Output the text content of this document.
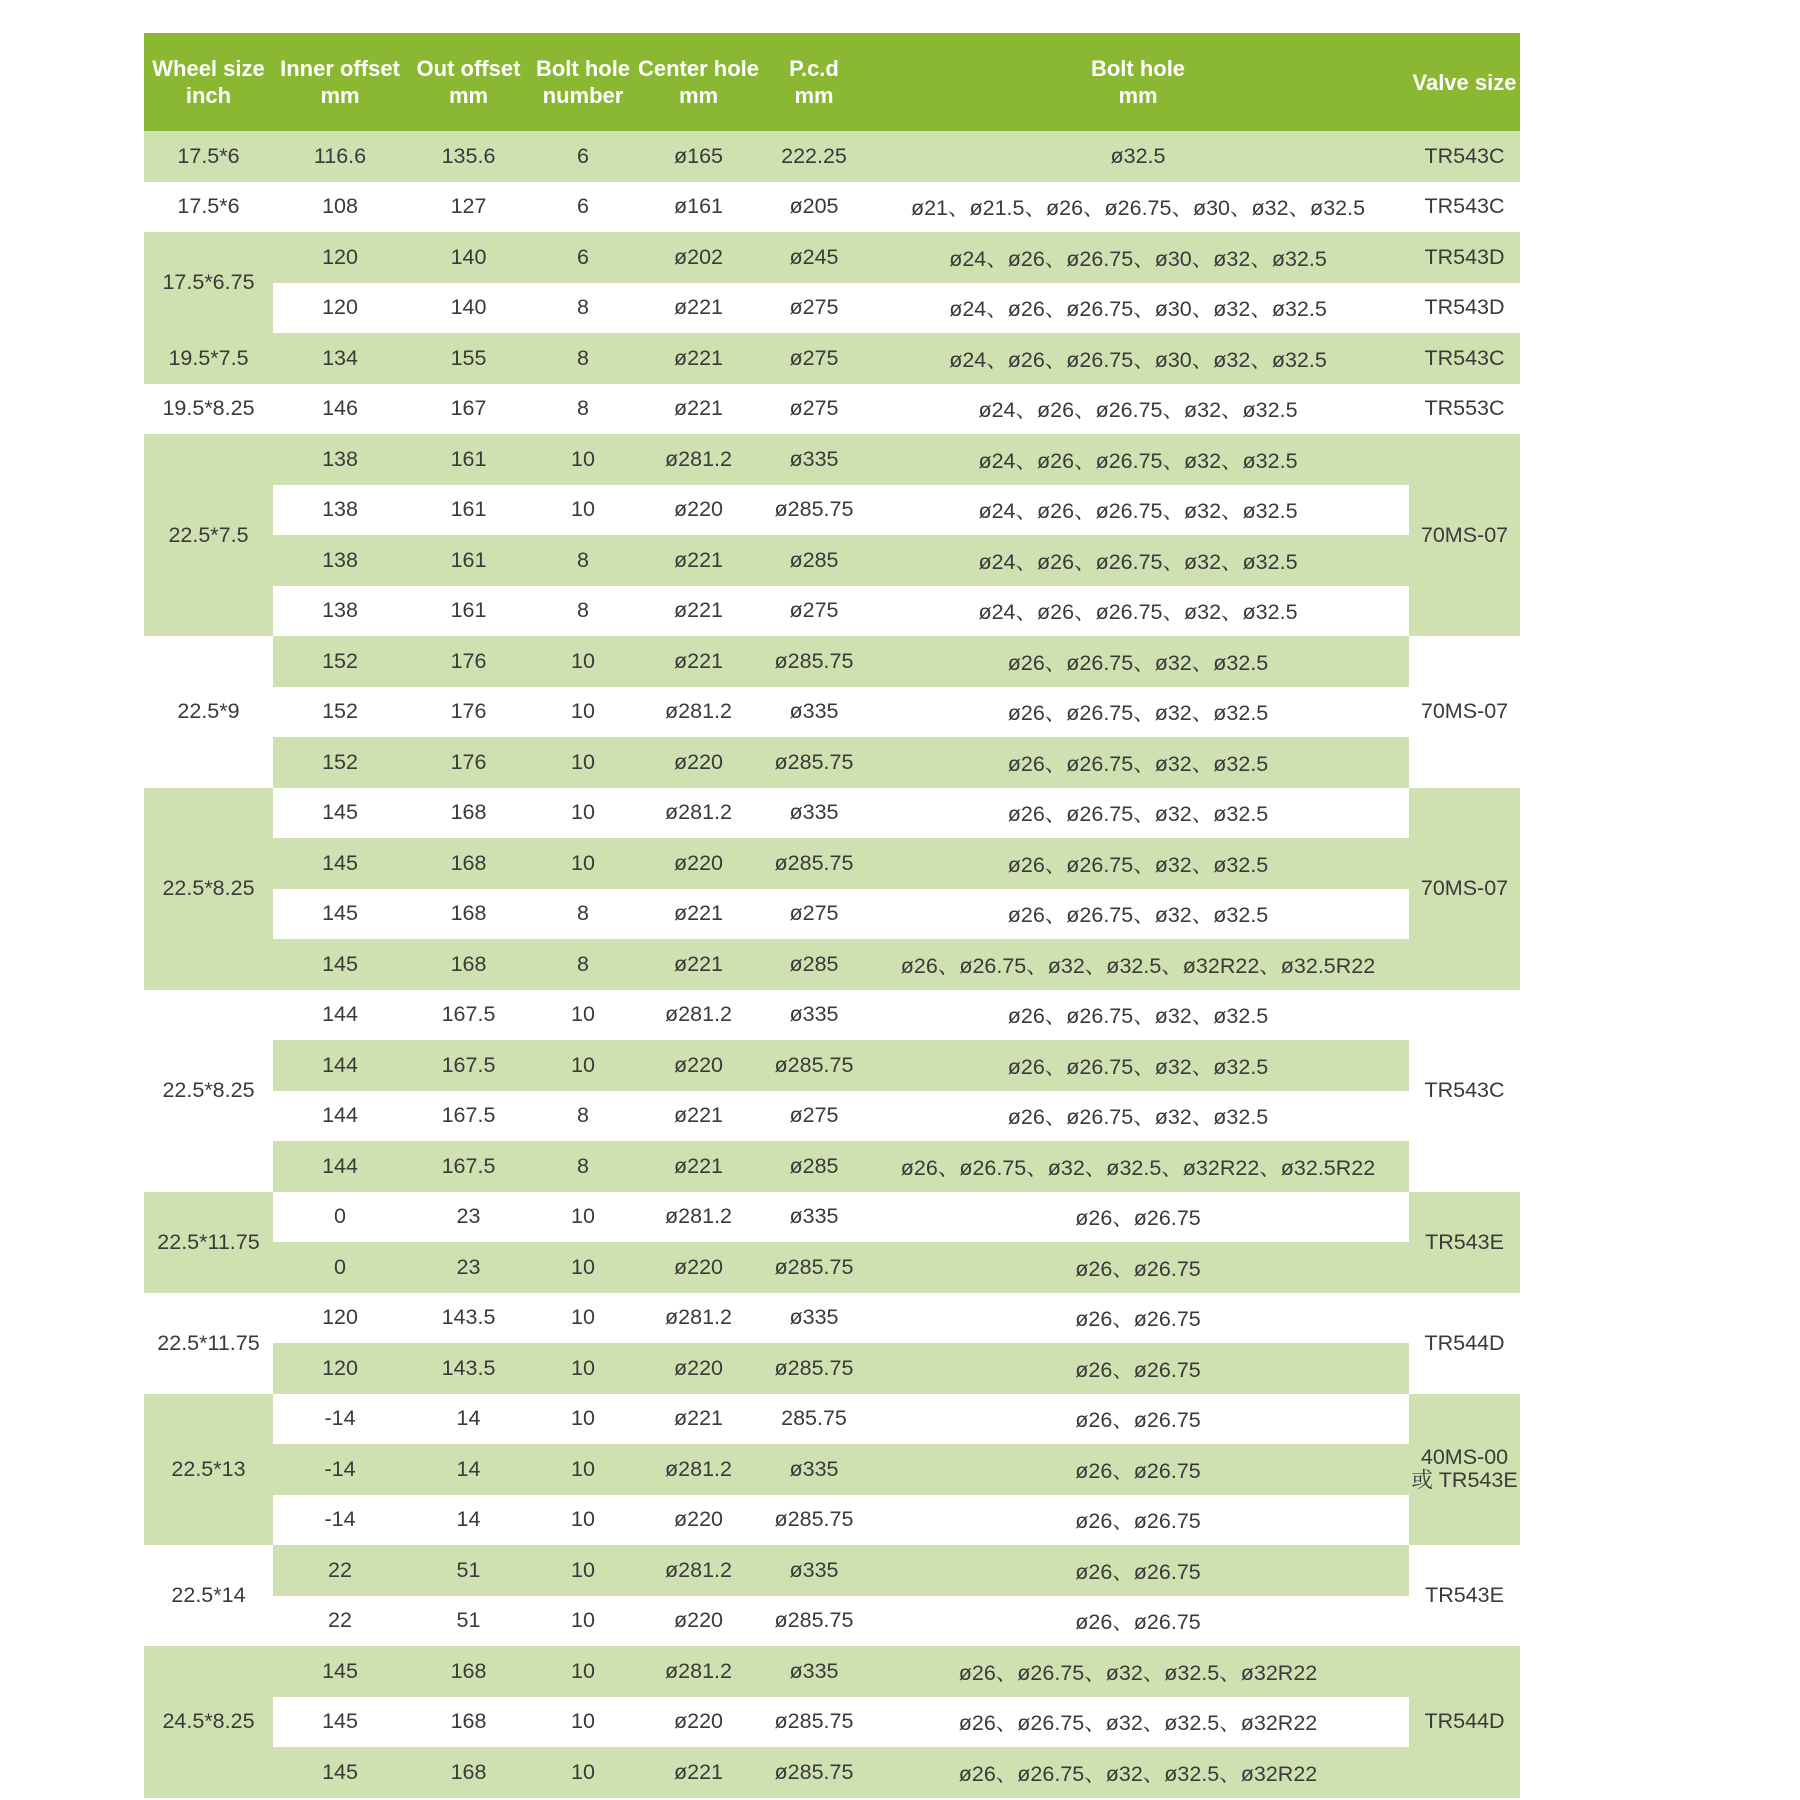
Wheel size
inch	Inner offset
mm	Out offset
mm	Bolt hole
number	Center hole
mm	P.c.d
mm	Bolt hole
mm	Valve size

17.5*6	116.6	135.6	6	ø165	222.25	ø32.5	TR543C
17.5*6	108	127	6	ø161	ø205	ø21、ø21.5、ø26、ø26.75、ø30、ø32、ø32.5	TR543C
17.5*6.75	120	140	6	ø202	ø245	ø24、ø26、ø26.75、ø30、ø32、ø32.5	TR543D
	120	140	8	ø221	ø275	ø24、ø26、ø26.75、ø30、ø32、ø32.5	TR543D
19.5*7.5	134	155	8	ø221	ø275	ø24、ø26、ø26.75、ø30、ø32、ø32.5	TR543C
19.5*8.25	146	167	8	ø221	ø275	ø24、ø26、ø26.75、ø32、ø32.5	TR553C
22.5*7.5	138	161	10	ø281.2	ø335	ø24、ø26、ø26.75、ø32、ø32.5	70MS-07
	138	161	10	ø220	ø285.75	ø24、ø26、ø26.75、ø32、ø32.5	
	138	161	8	ø221	ø285	ø24、ø26、ø26.75、ø32、ø32.5	
	138	161	8	ø221	ø275	ø24、ø26、ø26.75、ø32、ø32.5	
22.5*9	152	176	10	ø221	ø285.75	ø26、ø26.75、ø32、ø32.5	70MS-07
	152	176	10	ø281.2	ø335	ø26、ø26.75、ø32、ø32.5	
	152	176	10	ø220	ø285.75	ø26、ø26.75、ø32、ø32.5	
22.5*8.25	145	168	10	ø281.2	ø335	ø26、ø26.75、ø32、ø32.5	70MS-07
	145	168	10	ø220	ø285.75	ø26、ø26.75、ø32、ø32.5	
	145	168	8	ø221	ø275	ø26、ø26.75、ø32、ø32.5	
	145	168	8	ø221	ø285	ø26、ø26.75、ø32、ø32.5、ø32R22、ø32.5R22	
22.5*8.25	144	167.5	10	ø281.2	ø335	ø26、ø26.75、ø32、ø32.5	TR543C
	144	167.5	10	ø220	ø285.75	ø26、ø26.75、ø32、ø32.5	
	144	167.5	8	ø221	ø275	ø26、ø26.75、ø32、ø32.5	
	144	167.5	8	ø221	ø285	ø26、ø26.75、ø32、ø32.5、ø32R22、ø32.5R22	
22.5*11.75	0	23	10	ø281.2	ø335	ø26、ø26.75	TR543E
	0	23	10	ø220	ø285.75	ø26、ø26.75	
22.5*11.75	120	143.5	10	ø281.2	ø335	ø26、ø26.75	TR544D
	120	143.5	10	ø220	ø285.75	ø26、ø26.75	
22.5*13	-14	14	10	ø221	285.75	ø26、ø26.75	40MS-00
或 TR543E
	-14	14	10	ø281.2	ø335	ø26、ø26.75	
	-14	14	10	ø220	ø285.75	ø26、ø26.75	
22.5*14	22	51	10	ø281.2	ø335	ø26、ø26.75	TR543E
	22	51	10	ø220	ø285.75	ø26、ø26.75	
24.5*8.25	145	168	10	ø281.2	ø335	ø26、ø26.75、ø32、ø32.5、ø32R22	TR544D
	145	168	10	ø220	ø285.75	ø26、ø26.75、ø32、ø32.5、ø32R22	
	145	168	10	ø221	ø285.75	ø26、ø26.75、ø32、ø32.5、ø32R22	
